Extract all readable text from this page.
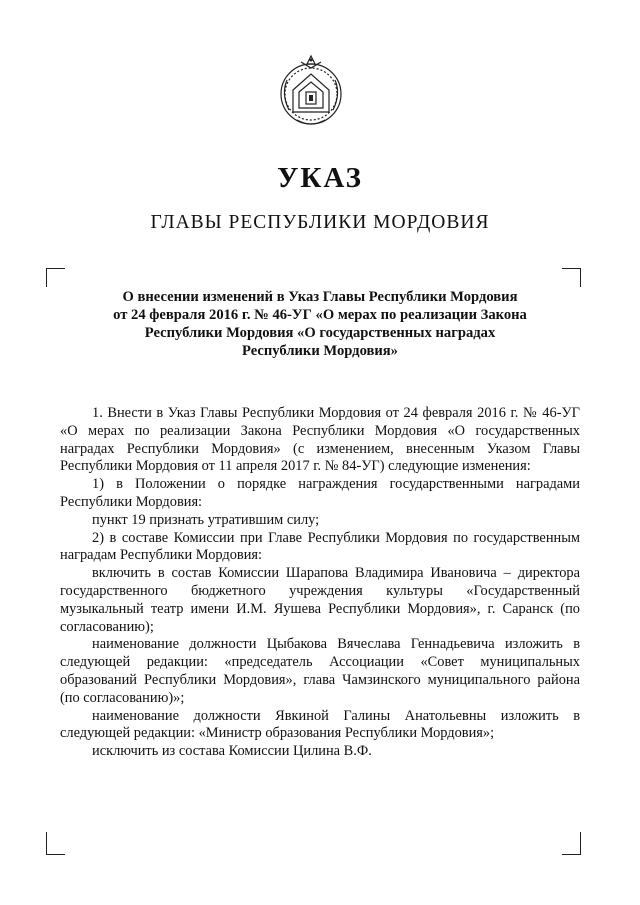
УКАЗ
ГЛАВЫ РЕСПУБЛИКИ МОРДОВИЯ
О внесении изменений в Указ Главы Республики Мордовия
от 24 февраля 2016 г. № 46-УГ «О мерах по реализации Закона
Республики Мордовия «О государственных наградах
Республики Мордовия»

1. Внести в Указ Главы Республики Мордовия от 24 февраля 2016 г. № 46-УГ «О мерах по реализации Закона Республики Мордовия «О государственных наградах Республики Мордовия» (с изменением, внесенным Указом Главы Республики Мордовия от 11 апреля 2017 г. № 84-УГ) следующие изменения:

1) в Положении о порядке награждения государственными наградами Республики Мордовия:

пункт 19 признать утратившим силу;

2) в составе Комиссии при Главе Республики Мордовия по государственным наградам Республики Мордовия:

включить в состав Комиссии Шарапова Владимира Ивановича – директора государственного бюджетного учреждения культуры «Государственный музыкальный театр имени И.М. Яушева Республики Мордовия», г. Саранск (по согласованию);

наименование должности Цыбакова Вячеслава Геннадьевича изложить в следующей редакции: «председатель Ассоциации «Совет муниципальных образований Республики Мордовия», глава Чамзинского муниципального района (по согласованию)»;

наименование должности Явкиной Галины Анатольевны изложить в следующей редакции: «Министр образования Республики Мордовия»;

исключить из состава Комиссии Цилина В.Ф.
